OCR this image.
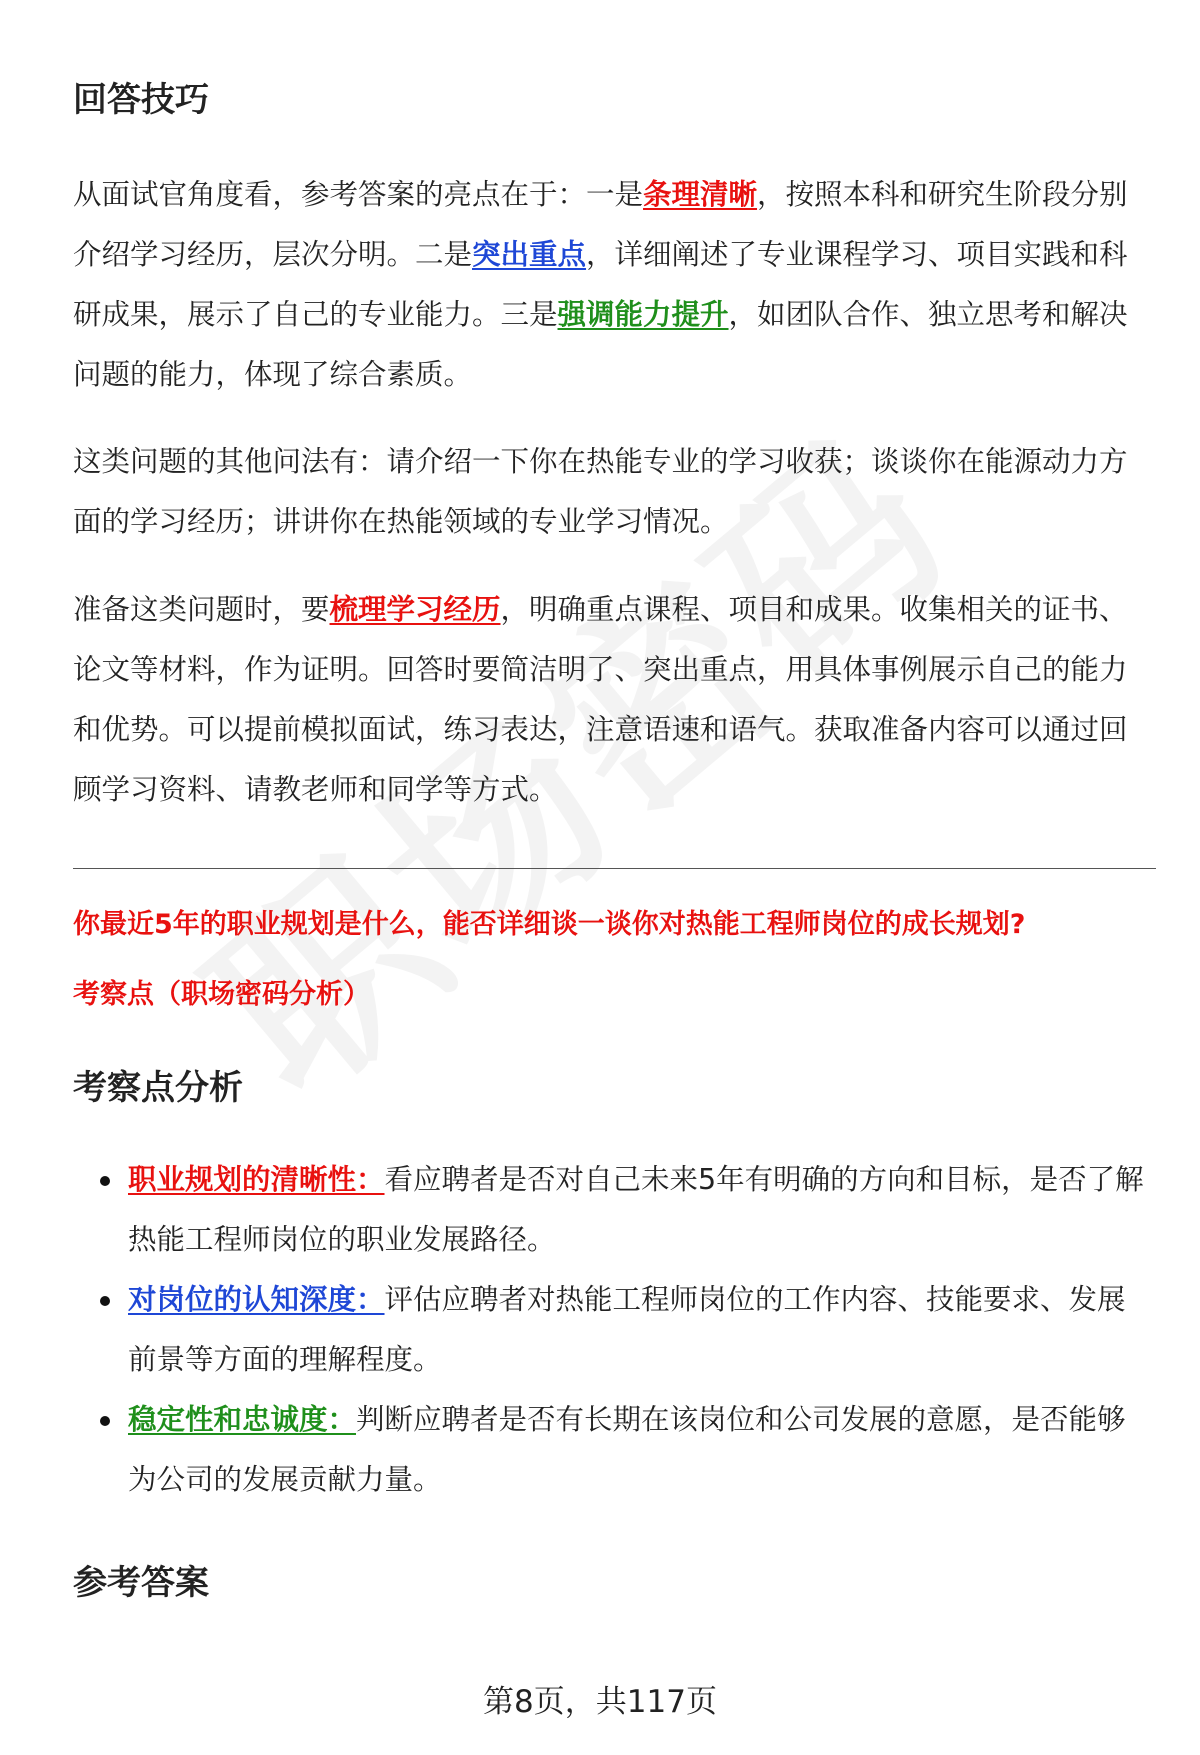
回答技巧

从面试官角度看，参考答案的亮点在于：一是条理清晰，按照本科和研究生阶段分别介绍学习经历，层次分明。二是突出重点，详细阐述了专业课程学习、项目实践和科研成果，展示了自己的专业能力。三是强调能力提升，如团队合作、独立思考和解决问题的能力，体现了综合素质。

这类问题的其他问法有：请介绍一下你在热能专业的学习收获；谈谈你在能源动力方面的学习经历；讲讲你在热能领域的专业学习情况。

准备这类问题时，要梳理学习经历，明确重点课程、项目和成果。收集相关的证书、论文等材料，作为证明。回答时要简洁明了、突出重点，用具体事例展示自己的能力和优势。可以提前模拟面试，练习表达，注意语速和语气。获取准备内容可以通过回顾学习资料、请教老师和同学等方式。

你最近5年的职业规划是什么，能否详细谈一谈你对热能工程师岗位的成长规划?

考察点（职场密码分析）

考察点分析
职业规划的清晰性：看应聘者是否对自己未来5年有明确的方向和目标，是否了解热能工程师岗位的职业发展路径。
对岗位的认知深度：评估应聘者对热能工程师岗位的工作内容、技能要求、发展前景等方面的理解程度。
稳定性和忠诚度：判断应聘者是否有长期在该岗位和公司发展的意愿，是否能够为公司的发展贡献力量。
参考答案
第8页，共117页
